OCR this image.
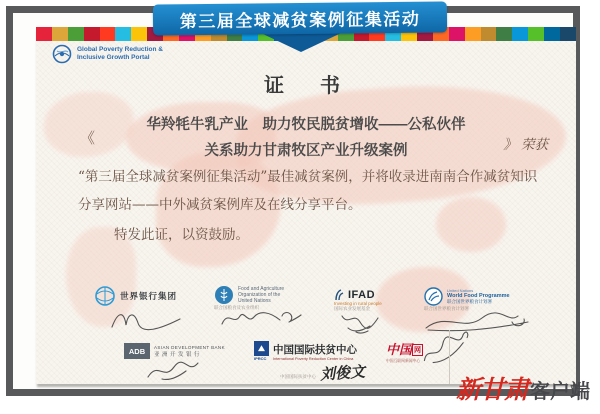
Global Poverty Reduction &
Inclusive Growth Portal
证　书
《
华羚牦牛乳产业　助力牧民脱贫增收——公私伙伴
关系助力甘肃牧区产业升级案例	》 荣获
“第三届全球减贫案例征集活动”最佳减贫案例，并将收录进南南合作减贫知识
分享网站——中外减贫案例库及在线分享平台。
特发此证，以资鼓励。
世界银行集团
Food and Agriculture
Organization of the
United Nations
联合国粮食及农业组织
IFAD
Investing in rural people
国际农业发展基金
United Nations
World Food Programme
联合国世界粮食计划署
联合国世界粮食计划署
ADB	ASIAN DEVELOPMENT BANK
亚洲开发银行
⛰
IPRCC
中国国际扶贫中心
International Poverty Reduction Center in China
中国国际扶贫中心 刘俊文
中国 网
中国互联网新闻中心
第三届全球减贫案例征集活动
新甘肃 客户端
